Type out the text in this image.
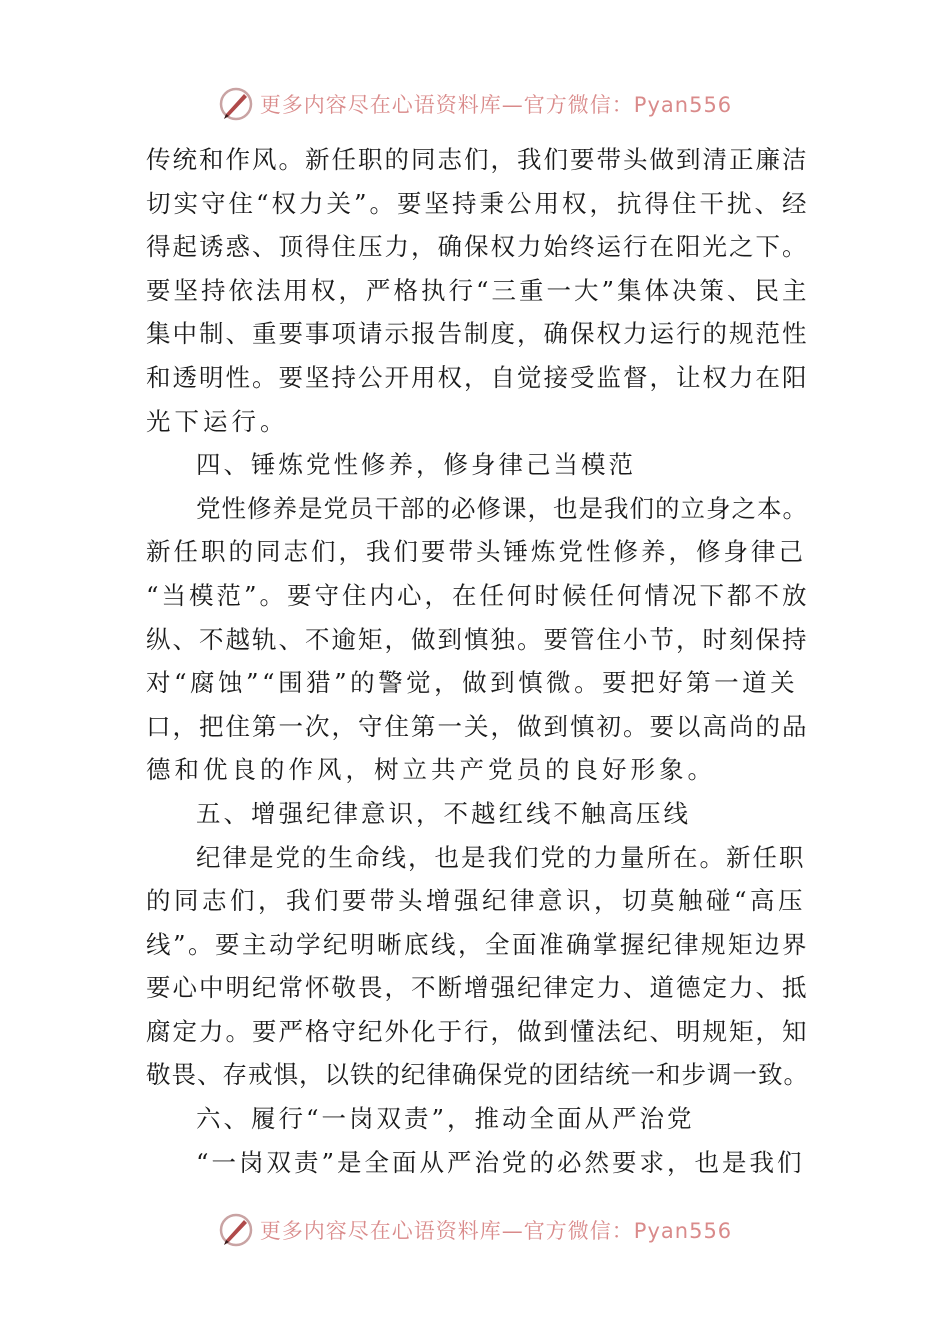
更多内容尽在心语资料库—官方微信：Pyan556
传统和作风。新任职的同志们，我们要带头做到清正廉洁
切实守住“权力关”。要坚持秉公用权，抗得住干扰、经
得起诱惑、顶得住压力，确保权力始终运行在阳光之下。
要坚持依法用权，严格执行“三重一大”集体决策、民主
集中制、重要事项请示报告制度，确保权力运行的规范性
和透明性。要坚持公开用权，自觉接受监督，让权力在阳
光下运行。
四、锤炼党性修养，修身律己当模范
党性修养是党员干部的必修课，也是我们的立身之本。
新任职的同志们，我们要带头锤炼党性修养，修身律己
“当模范”。要守住内心，在任何时候任何情况下都不放
纵、不越轨、不逾矩，做到慎独。要管住小节，时刻保持
对“腐蚀”“围猎”的警觉，做到慎微。要把好第一道关
口，把住第一次，守住第一关，做到慎初。要以高尚的品
德和优良的作风，树立共产党员的良好形象。
五、增强纪律意识，不越红线不触高压线
纪律是党的生命线，也是我们党的力量所在。新任职
的同志们，我们要带头增强纪律意识，切莫触碰“高压
线”。要主动学纪明晰底线，全面准确掌握纪律规矩边界
要心中明纪常怀敬畏，不断增强纪律定力、道德定力、抵
腐定力。要严格守纪外化于行，做到懂法纪、明规矩，知
敬畏、存戒惧，以铁的纪律确保党的团结统一和步调一致。
六、履行“一岗双责”，推动全面从严治党
“一岗双责”是全面从严治党的必然要求，也是我们
更多内容尽在心语资料库—官方微信：Pyan556
